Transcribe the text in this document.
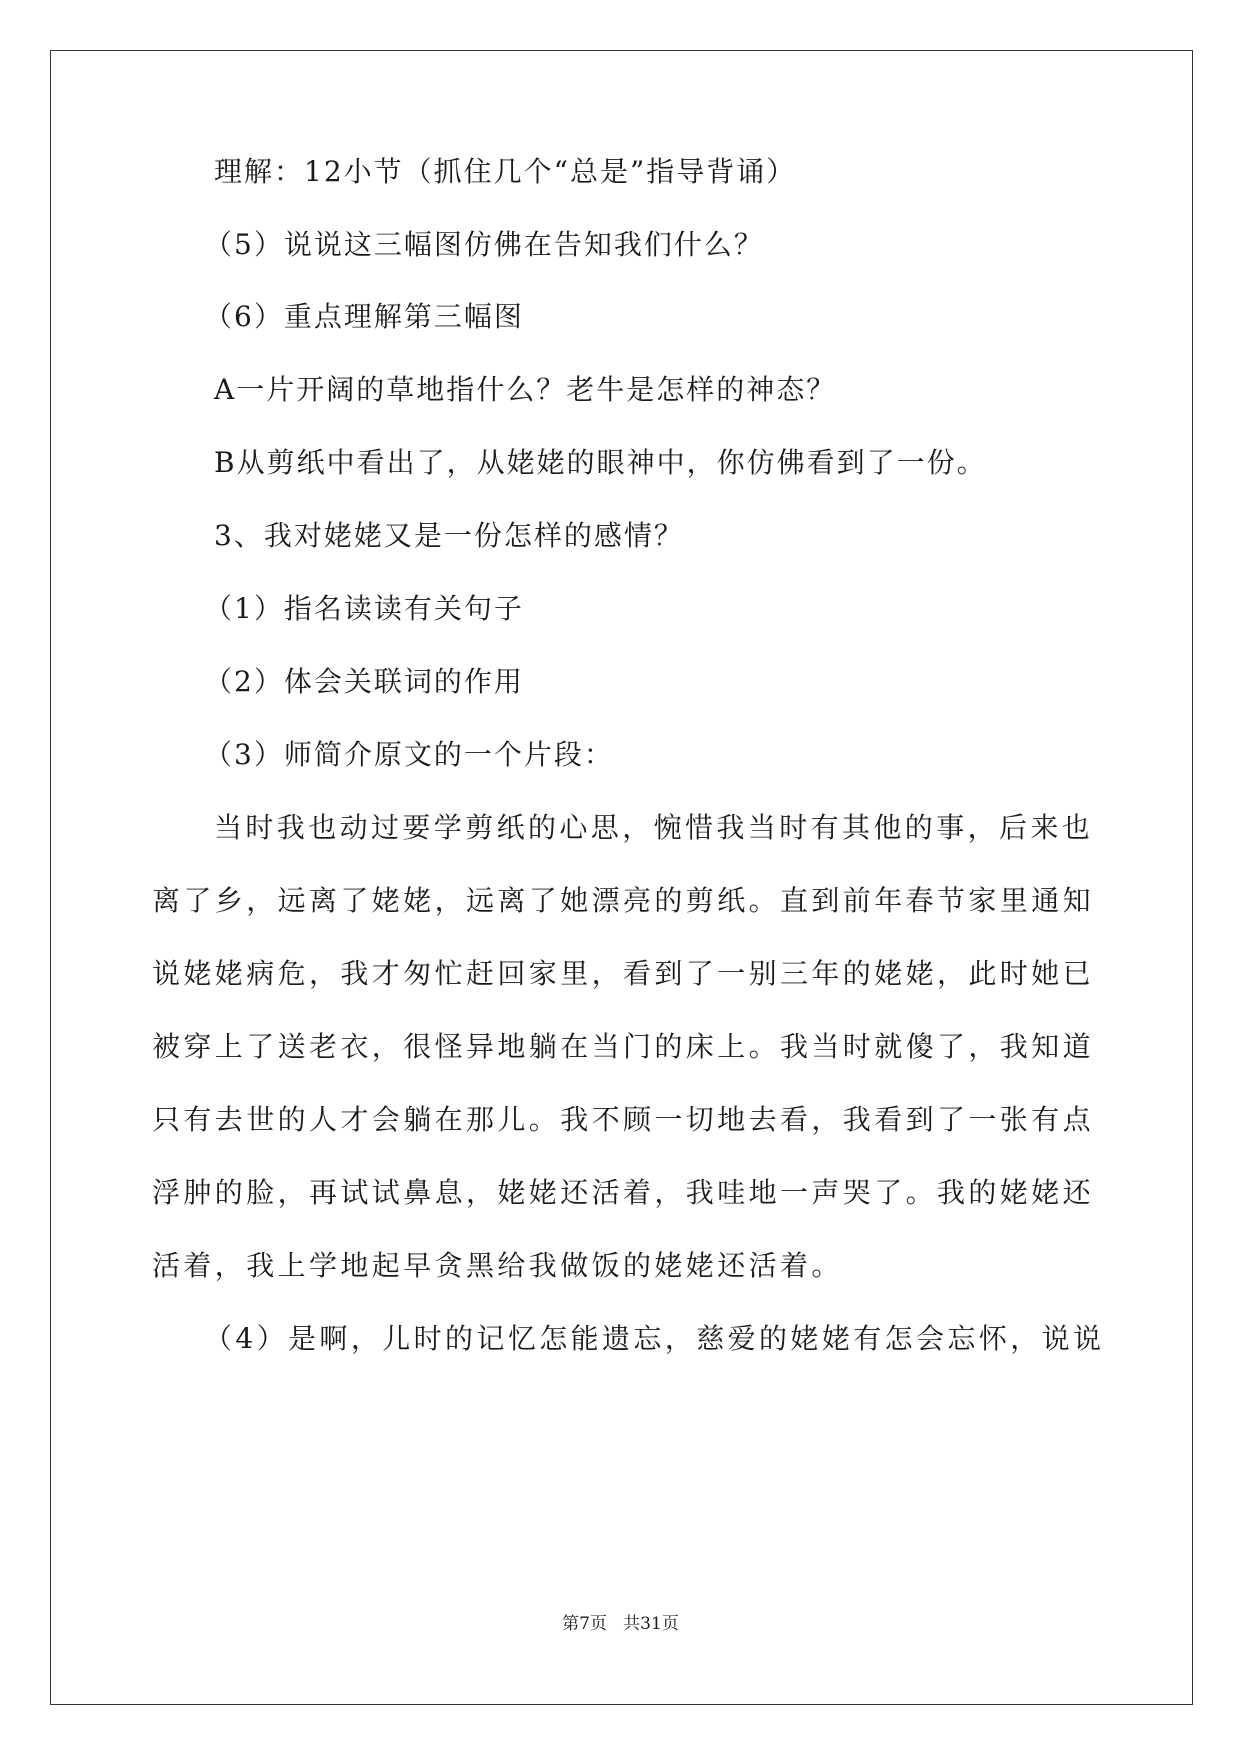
理解：12小节（抓住几个“总是”指导背诵）
（5）说说这三幅图仿佛在告知我们什么？
（6）重点理解第三幅图
A一片开阔的草地指什么？老牛是怎样的神态？
B从剪纸中看出了，从姥姥的眼神中，你仿佛看到了一份。
3、我对姥姥又是一份怎样的感情？
（1）指名读读有关句子
（2）体会关联词的作用
（3）师简介原文的一个片段：
当时我也动过要学剪纸的心思，惋惜我当时有其他的事，后来也
离了乡，远离了姥姥，远离了她漂亮的剪纸。直到前年春节家里通知
说姥姥病危，我才匆忙赶回家里，看到了一别三年的姥姥，此时她已
被穿上了送老衣，很怪异地躺在当门的床上。我当时就傻了，我知道
只有去世的人才会躺在那儿。我不顾一切地去看，我看到了一张有点
浮肿的脸，再试试鼻息，姥姥还活着，我哇地一声哭了。我的姥姥还
活着，我上学地起早贪黑给我做饭的姥姥还活着。
（4）是啊，儿时的记忆怎能遗忘，慈爱的姥姥有怎会忘怀，说说
第7页   共31页
